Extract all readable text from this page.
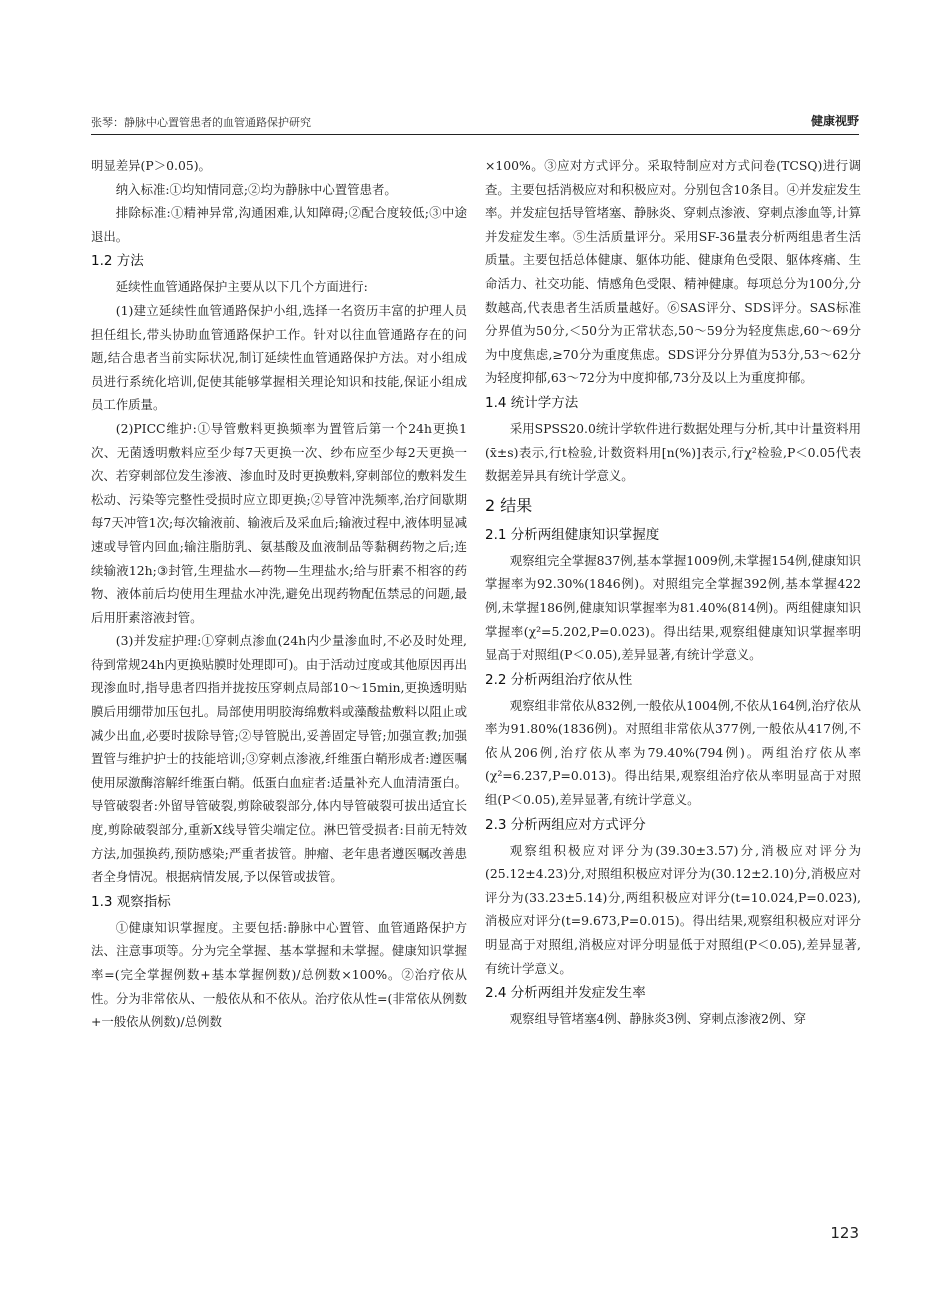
张琴：静脉中心置管患者的血管通路保护研究	健康视野

明显差异(P＞0.05)。

纳入标准:①均知情同意;②均为静脉中心置管患者。

排除标准:①精神异常,沟通困难,认知障碍;②配合度较低;③中途退出。

1.2 方法

延续性血管通路保护主要从以下几个方面进行:

(1)建立延续性血管通路保护小组,选择一名资历丰富的护理人员担任组长,带头协助血管通路保护工作。针对以往血管通路存在的问题,结合患者当前实际状况,制订延续性血管通路保护方法。对小组成员进行系统化培训,促使其能够掌握相关理论知识和技能,保证小组成员工作质量。

(2)PICC维护:①导管敷料更换频率为置管后第一个24h更换1次、无菌透明敷料应至少每7天更换一次、纱布应至少每2天更换一次、若穿刺部位发生渗液、渗血时及时更换敷料,穿刺部位的敷料发生松动、污染等完整性受损时应立即更换;②导管冲洗频率,治疗间歇期每7天冲管1次;每次输液前、输液后及采血后;输液过程中,液体明显减速或导管内回血;输注脂肪乳、氨基酸及血液制品等黏稠药物之后;连续输液12h;③封管,生理盐水—药物—生理盐水;给与肝素不相容的药物、液体前后均使用生理盐水冲洗,避免出现药物配伍禁忌的问题,最后用肝素溶液封管。

(3)并发症护理:①穿刺点渗血(24h内少量渗血时,不必及时处理,待到常规24h内更换贴膜时处理即可)。由于活动过度或其他原因再出现渗血时,指导患者四指并拢按压穿刺点局部10～15min,更换透明贴膜后用绷带加压包扎。局部使用明胶海绵敷料或藻酸盐敷料以阻止或减少出血,必要时拔除导管;②导管脱出,妥善固定导管;加强宣教;加强置管与维护护士的技能培训;③穿刺点渗液,纤维蛋白鞘形成者:遵医嘱使用尿激酶溶解纤维蛋白鞘。低蛋白血症者:适量补充人血清清蛋白。导管破裂者:外留导管破裂,剪除破裂部分,体内导管破裂可拔出适宜长度,剪除破裂部分,重新X线导管尖端定位。淋巴管受损者:目前无特效方法,加强换药,预防感染;严重者拔管。肿瘤、老年患者遵医嘱改善患者全身情况。根据病情发展,予以保管或拔管。

1.3 观察指标

①健康知识掌握度。主要包括:静脉中心置管、血管通路保护方法、注意事项等。分为完全掌握、基本掌握和未掌握。健康知识掌握率=(完全掌握例数+基本掌握例数)/总例数×100%。②治疗依从性。分为非常依从、一般依从和不依从。治疗依从性=(非常依从例数+一般依从例数)/总例数

×100%。③应对方式评分。采取特制应对方式问卷(TCSQ)进行调查。主要包括消极应对和积极应对。分别包含10条目。④并发症发生率。并发症包括导管堵塞、静脉炎、穿刺点渗液、穿刺点渗血等,计算并发症发生率。⑤生活质量评分。采用SF-36量表分析两组患者生活质量。主要包括总体健康、躯体功能、健康角色受限、躯体疼痛、生命活力、社交功能、情感角色受限、精神健康。每项总分为100分,分数越高,代表患者生活质量越好。⑥SAS评分、SDS评分。SAS标准分界值为50分,＜50分为正常状态,50～59分为轻度焦虑,60～69分为中度焦虑,≥70分为重度焦虑。SDS评分分界值为53分,53～62分为轻度抑郁,63～72分为中度抑郁,73分及以上为重度抑郁。

1.4 统计学方法

采用SPSS20.0统计学软件进行数据处理与分析,其中计量资料用(x̄±s)表示,行t检验,计数资料用[n(%)]表示,行χ²检验,P＜0.05代表数据差异具有统计学意义。

2 结果
2.1 分析两组健康知识掌握度

观察组完全掌握837例,基本掌握1009例,未掌握154例,健康知识掌握率为92.30%(1846例)。对照组完全掌握392例,基本掌握422例,未掌握186例,健康知识掌握率为81.40%(814例)。两组健康知识掌握率(χ²=5.202,P=0.023)。得出结果,观察组健康知识掌握率明显高于对照组(P＜0.05),差异显著,有统计学意义。

2.2 分析两组治疗依从性

观察组非常依从832例,一般依从1004例,不依从164例,治疗依从率为91.80%(1836例)。对照组非常依从377例,一般依从417例,不依从206例,治疗依从率为79.40%(794例)。两组治疗依从率(χ²=6.237,P=0.013)。得出结果,观察组治疗依从率明显高于对照组(P＜0.05),差异显著,有统计学意义。

2.3 分析两组应对方式评分

观察组积极应对评分为(39.30±3.57)分,消极应对评分为(25.12±4.23)分,对照组积极应对评分为(30.12±2.10)分,消极应对评分为(33.23±5.14)分,两组积极应对评分(t=10.024,P=0.023),消极应对评分(t=9.673,P=0.015)。得出结果,观察组积极应对评分明显高于对照组,消极应对评分明显低于对照组(P＜0.05),差异显著,有统计学意义。

2.4 分析两组并发症发生率

观察组导管堵塞4例、静脉炎3例、穿刺点渗液2例、穿

123
